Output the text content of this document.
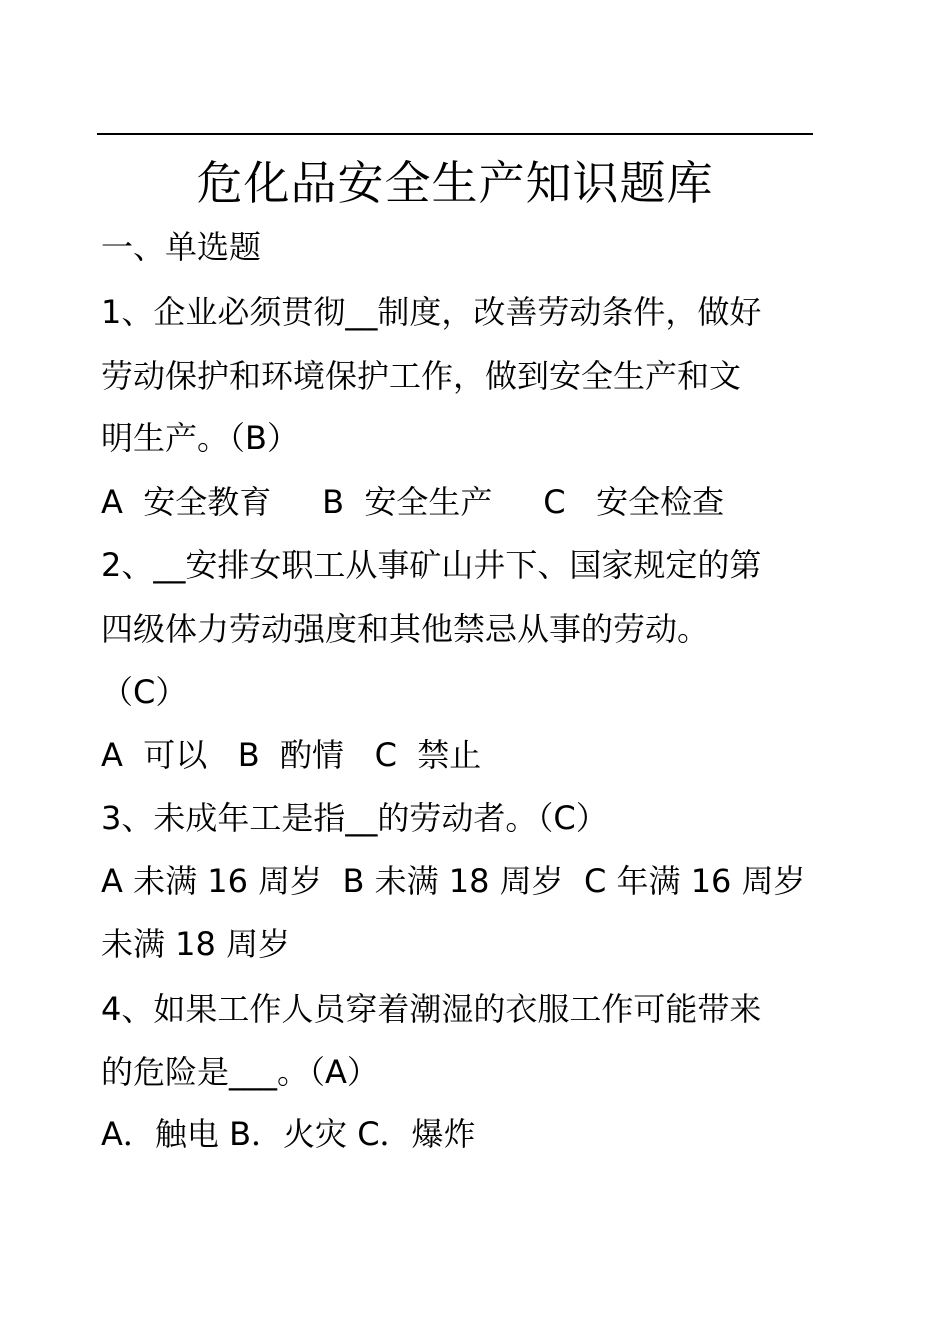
危化品安全生产知识题库
一、单选题
1、企业必须贯彻__制度，改善劳动条件，做好
劳动保护和环境保护工作，做到安全生产和文
明生产。（B）
A  安全教育     B  安全生产     C   安全检查
2、__安排女职工从事矿山井下、国家规定的第
四级体力劳动强度和其他禁忌从事的劳动。
（C）
A  可以   B  酌情   C  禁止
3、未成年工是指__的劳动者。（C）
A 未满 16 周岁  B 未满 18 周岁  C 年满 16 周岁
未满 18 周岁
4、如果工作人员穿着潮湿的衣服工作可能带来
的危险是___。（A）
A．触电 B．火灾 C．爆炸
